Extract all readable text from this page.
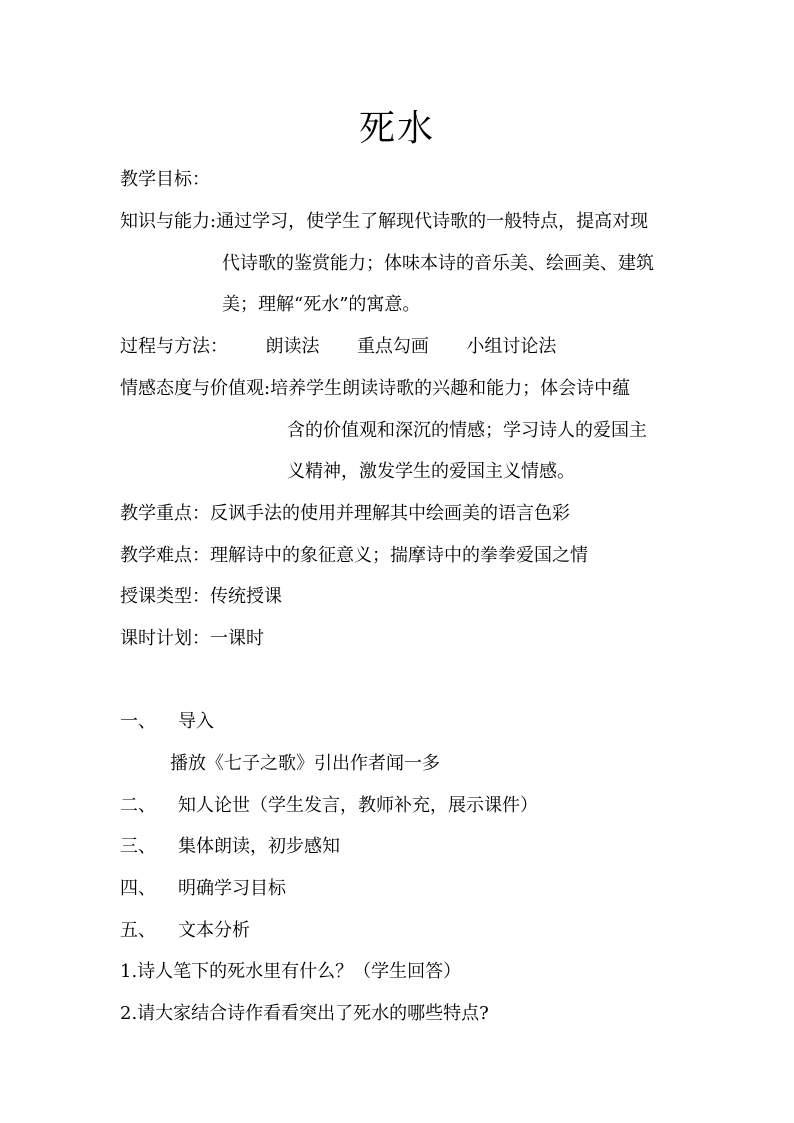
死水
教学目标：
知识与能力:通过学习，使学生了解现代诗歌的一般特点，提高对现
代诗歌的鉴赏能力；体味本诗的音乐美、绘画美、建筑
美；理解“死水”的寓意。
过程与方法： 朗读法 重点勾画 小组讨论法
情感态度与价值观:培养学生朗读诗歌的兴趣和能力；体会诗中蕴
含的价值观和深沉的情感；学习诗人的爱国主
义精神，激发学生的爱国主义情感。
教学重点：反讽手法的使用并理解其中绘画美的语言色彩
教学难点：理解诗中的象征意义；揣摩诗中的拳拳爱国之情
授课类型：传统授课
课时计划：一课时
一、 导入
播放《七子之歌》引出作者闻一多
二、 知人论世（学生发言，教师补充，展示课件）
三、 集体朗读，初步感知
四、 明确学习目标
五、 文本分析
1.诗人笔下的死水里有什么？（学生回答）
2.请大家结合诗作看看突出了死水的哪些特点?
